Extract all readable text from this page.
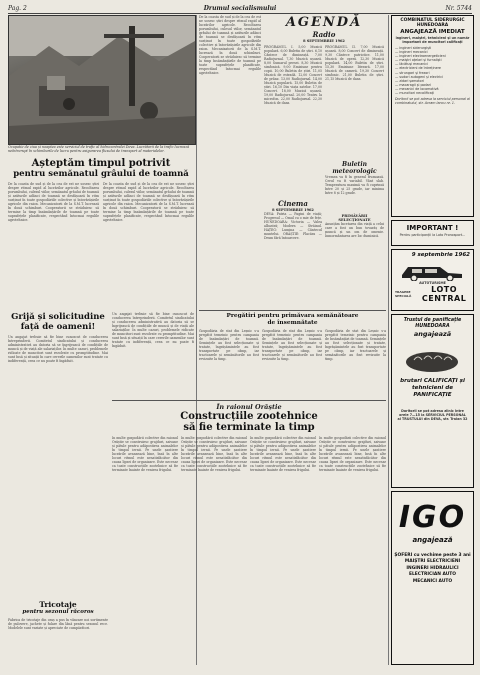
Pag. 2	Drumul socialismului	Nr. 5744
Ocupatie de ziua și noaptea este serviciul de trafic al hidrocentralei Deva. Lucrătorii de la trafic lucrează neîntrerupt în schimburile de lucru pentru asigurarea fluxului de transport al materialelor.
Așteptăm timpul potrivit
pentru semănatul grâului de toamnă
De la coasta de sud și de la cea de est ne sosesc știri despre ritmul rapid al lucrărilor agricole. Recoltarea porumbului, culesul viilor, semănatul grâului de toamnă și arăturile adânci de toamnă se desfășoară în ritm susținut în toate gospodăriile colective și întovărășirile agricole din raion. Mecanizatorii de la S.M.T. lucrează în două schimburi. Cooperatorii se străduiesc să termine la timp însămânțările de toamnă pe toate suprafețele planificate, respectând întocmai regulile agrotehnice.
De la coasta de sud și de la cea de est ne sosesc știri despre ritmul rapid al lucrărilor agricole. Recoltarea porumbului, culesul viilor, semănatul grâului de toamnă și arăturile adânci de toamnă se desfășoară în ritm susținut în toate gospodăriile colective și întovărășirile agricole din raion. Mecanizatorii de la S.M.T. lucrează în două schimburi. Cooperatorii se străduiesc să termine la timp însămânțările de toamnă pe toate suprafețele planificate, respectând întocmai regulile agrotehnice.
Grijă și solicitudine
față de oameni!
Un angajat trebuie să fie bine cunoscut de conducerea întreprinderii. Comitetul sindicatului și conducerea administrativă au datoria să se îngrijească de condițiile de muncă și de viață ale salariaților. În multe cazuri, problemele ridicate de muncitori sunt rezolvate cu promptitudine. Mai sunt însă și situații în care cererile oamenilor sunt tratate cu indiferență, ceea ce nu poate fi îngăduit.
Tricotaje
pentru sezonul răcoros
Fabrica de tricotaje din oraș a pus în vânzare noi sortimente de pulovere, jachete și fulare din lână pentru sezonul rece. Modelele sunt variate și apreciate de cumpărători.
Un angajat trebuie să fie bine cunoscut de conducerea întreprinderii. Comitetul sindicatului și conducerea administrativă au datoria să se îngrijească de condițiile de muncă și de viață ale salariaților. În multe cazuri, problemele ridicate de muncitori sunt rezolvate cu promptitudine. Mai sunt însă și situații în care cererile oamenilor sunt tratate cu indiferență, ceea ce nu poate fi îngăduit.
De la coasta de sud și de la cea de est ne sosesc știri despre ritmul rapid al lucrărilor agricole. Recoltarea porumbului, culesul viilor, semănatul grâului de toamnă și arăturile adânci de toamnă se desfășoară în ritm susținut în toate gospodăriile colective și întovărășirile agricole din raion. Mecanizatorii de la S.M.T. lucrează în două schimburi. Cooperatorii se străduiesc să termine la timp însămânțările de toamnă pe toate suprafețele planificate, respectând întocmai regulile agrotehnice.
AGENDĂ
Radio
8 SEPTEMBRIE 1962
PROGRAMUL I. 5,00 Muzică populară. 6,00 Buletin de știri. 6,10 Cântece de dimineață. 7,00 Radiojurnal. 7,30 Muzică ușoară. 8,00 Sumarul presei. 8,30 Muzică simfonică. 9,00 Emisiune pentru copii. 10,00 Buletin de știri. 11,05 Muzică de estradă. 12,00 Concert de prânz. 13,00 Radiojurnal. 14,00 Muzică populară. 15,00 Buletin de știri. 16,10 Din viața satelor. 17,00 Concert. 18,00 Muzică ușoară. 19,00 Radiojurnal. 20,00 Teatru la microfon. 22,00 Radiojurnal. 22,30 Muzică de dans.
Cinema
8 SEPTEMBRIE 1962
DEVA: Patria — Pagini de viață; Progresul — Omul cu o mie de fețe. HUNEDOARA: Victoria — Valea albastră; Modern — Străinul. HAȚEG: Lumina — Cântecul muntelui. ORĂȘTIE: Flacăra — Drum fără întoarcere.
PROGRAMUL II. 7,00 Muzică ușoară. 8,00 Concert de dimineață. 9,30 Cântece patriotice. 11,00 Muzică de operă. 12,30 Muzică populară. 14,00 Buletin de știri. 15,30 Emisiune literară. 17,00 Muzică de cameră. 19,30 Concert simfonic. 21,00 Buletin de știri. 21,15 Muzică de dans.
Buletin
meteorologic
Vremea va fi în general frumoasă. Cerul va fi variabil. Vânt slab. Temperatura maximă va fi cuprinsă între 20 și 25 grade, iar minima între 8 și 12 grade.
PRIMĂVĂRII SELECȚIONATE
Anunțăm încetarea din viață a celui care a fost un bun tovarăș de muncă și un om de omenie. Înmormântarea are loc duminică.
Pregătiri pentru primăvara semănătoare
de însemnătate
Gospodăria de stat din Leșnic s-a pregătit temeinic pentru campania de însămânțări de toamnă. Semințele au fost selecționate și tratate, îngrășămintele au fost transportate pe câmp, iar tractoarele și semănătorile au fost revizuite la timp.
Gospodăria de stat din Leșnic s-a pregătit temeinic pentru campania de însămânțări de toamnă. Semințele au fost selecționate și tratate, îngrășămintele au fost transportate pe câmp, iar tractoarele și semănătorile au fost revizuite la timp.
Gospodăria de stat din Leșnic s-a pregătit temeinic pentru campania de însămânțări de toamnă. Semințele au fost selecționate și tratate, îngrășămintele au fost transportate pe câmp, iar tractoarele și semănătorile au fost revizuite la timp.
În raionul Orăștie
Construcțiile zootehnice
să fie terminate la timp
În multe gospodării colective din raionul Orăștie se construiesc grajduri, saivane și pătule pentru adăpostirea animalelor în timpul iernii. Pe unele șantiere lucrările avansează bine, însă în alte locuri ritmul este nesatisfăcător din cauza lipsei de organizare. Este necesar ca toate construcțiile zootehnice să fie terminate înainte de venirea frigului.
În multe gospodării colective din raionul Orăștie se construiesc grajduri, saivane și pătule pentru adăpostirea animalelor în timpul iernii. Pe unele șantiere lucrările avansează bine, însă în alte locuri ritmul este nesatisfăcător din cauza lipsei de organizare. Este necesar ca toate construcțiile zootehnice să fie terminate înainte de venirea frigului.
În multe gospodării colective din raionul Orăștie se construiesc grajduri, saivane și pătule pentru adăpostirea animalelor în timpul iernii. Pe unele șantiere lucrările avansează bine, însă în alte locuri ritmul este nesatisfăcător din cauza lipsei de organizare. Este necesar ca toate construcțiile zootehnice să fie terminate înainte de venirea frigului.
În multe gospodării colective din raionul Orăștie se construiesc grajduri, saivane și pătule pentru adăpostirea animalelor în timpul iernii. Pe unele șantiere lucrările avansează bine, însă în alte locuri ritmul este nesatisfăcător din cauza lipsei de organizare. Este necesar ca toate construcțiile zootehnice să fie terminate înainte de venirea frigului.
COMBINATUL SIDERURGIC HUNEDOARA
ANGAJEAZĂ IMEDIAT
ingineri, maiștri, tehnicieni și un număr important de muncitori calificați
— ingineri siderurgiști
— ingineri mecanici
— ingineri electroenergeticieni
— maiștri oțelari și furnaliști
— lăcătuși mecanici
— electricieni de întreținere
— strungari și frezori
— sudori autogeni și electrici
— zidari șamotori
— macaragii și podari
— mecanici de locomotivă
— muncitori necalificați
Doritorii se pot adresa la serviciul personal al combinatului, str. Avram Iancu nr. 1.
IMPORTANT !
Pentru participanții la Loto Pronosport...
9 septembrie 1962
AUTOTURISME
TRAGERE SPECIALĂ
LOTO CENTRAL
Trustul de panificație HUNEDOARA
angajează
brutari CALIFICAȚI și
tehnicieni de PANIFICAȚIE
Doritorii se pot adresa zilnic între
orele 7—15 la SERVICIUL PERSONAL
al TRUSTULUI din DEVA, str. Traian 32
IGO
angajează
ȘOFERI cu vechime peste 3 ani
MAIȘTRI ELECTRICIENI
INGINERI HIDRAULICI
ELECTRICIAN AUTO
MECANICI AUTO
